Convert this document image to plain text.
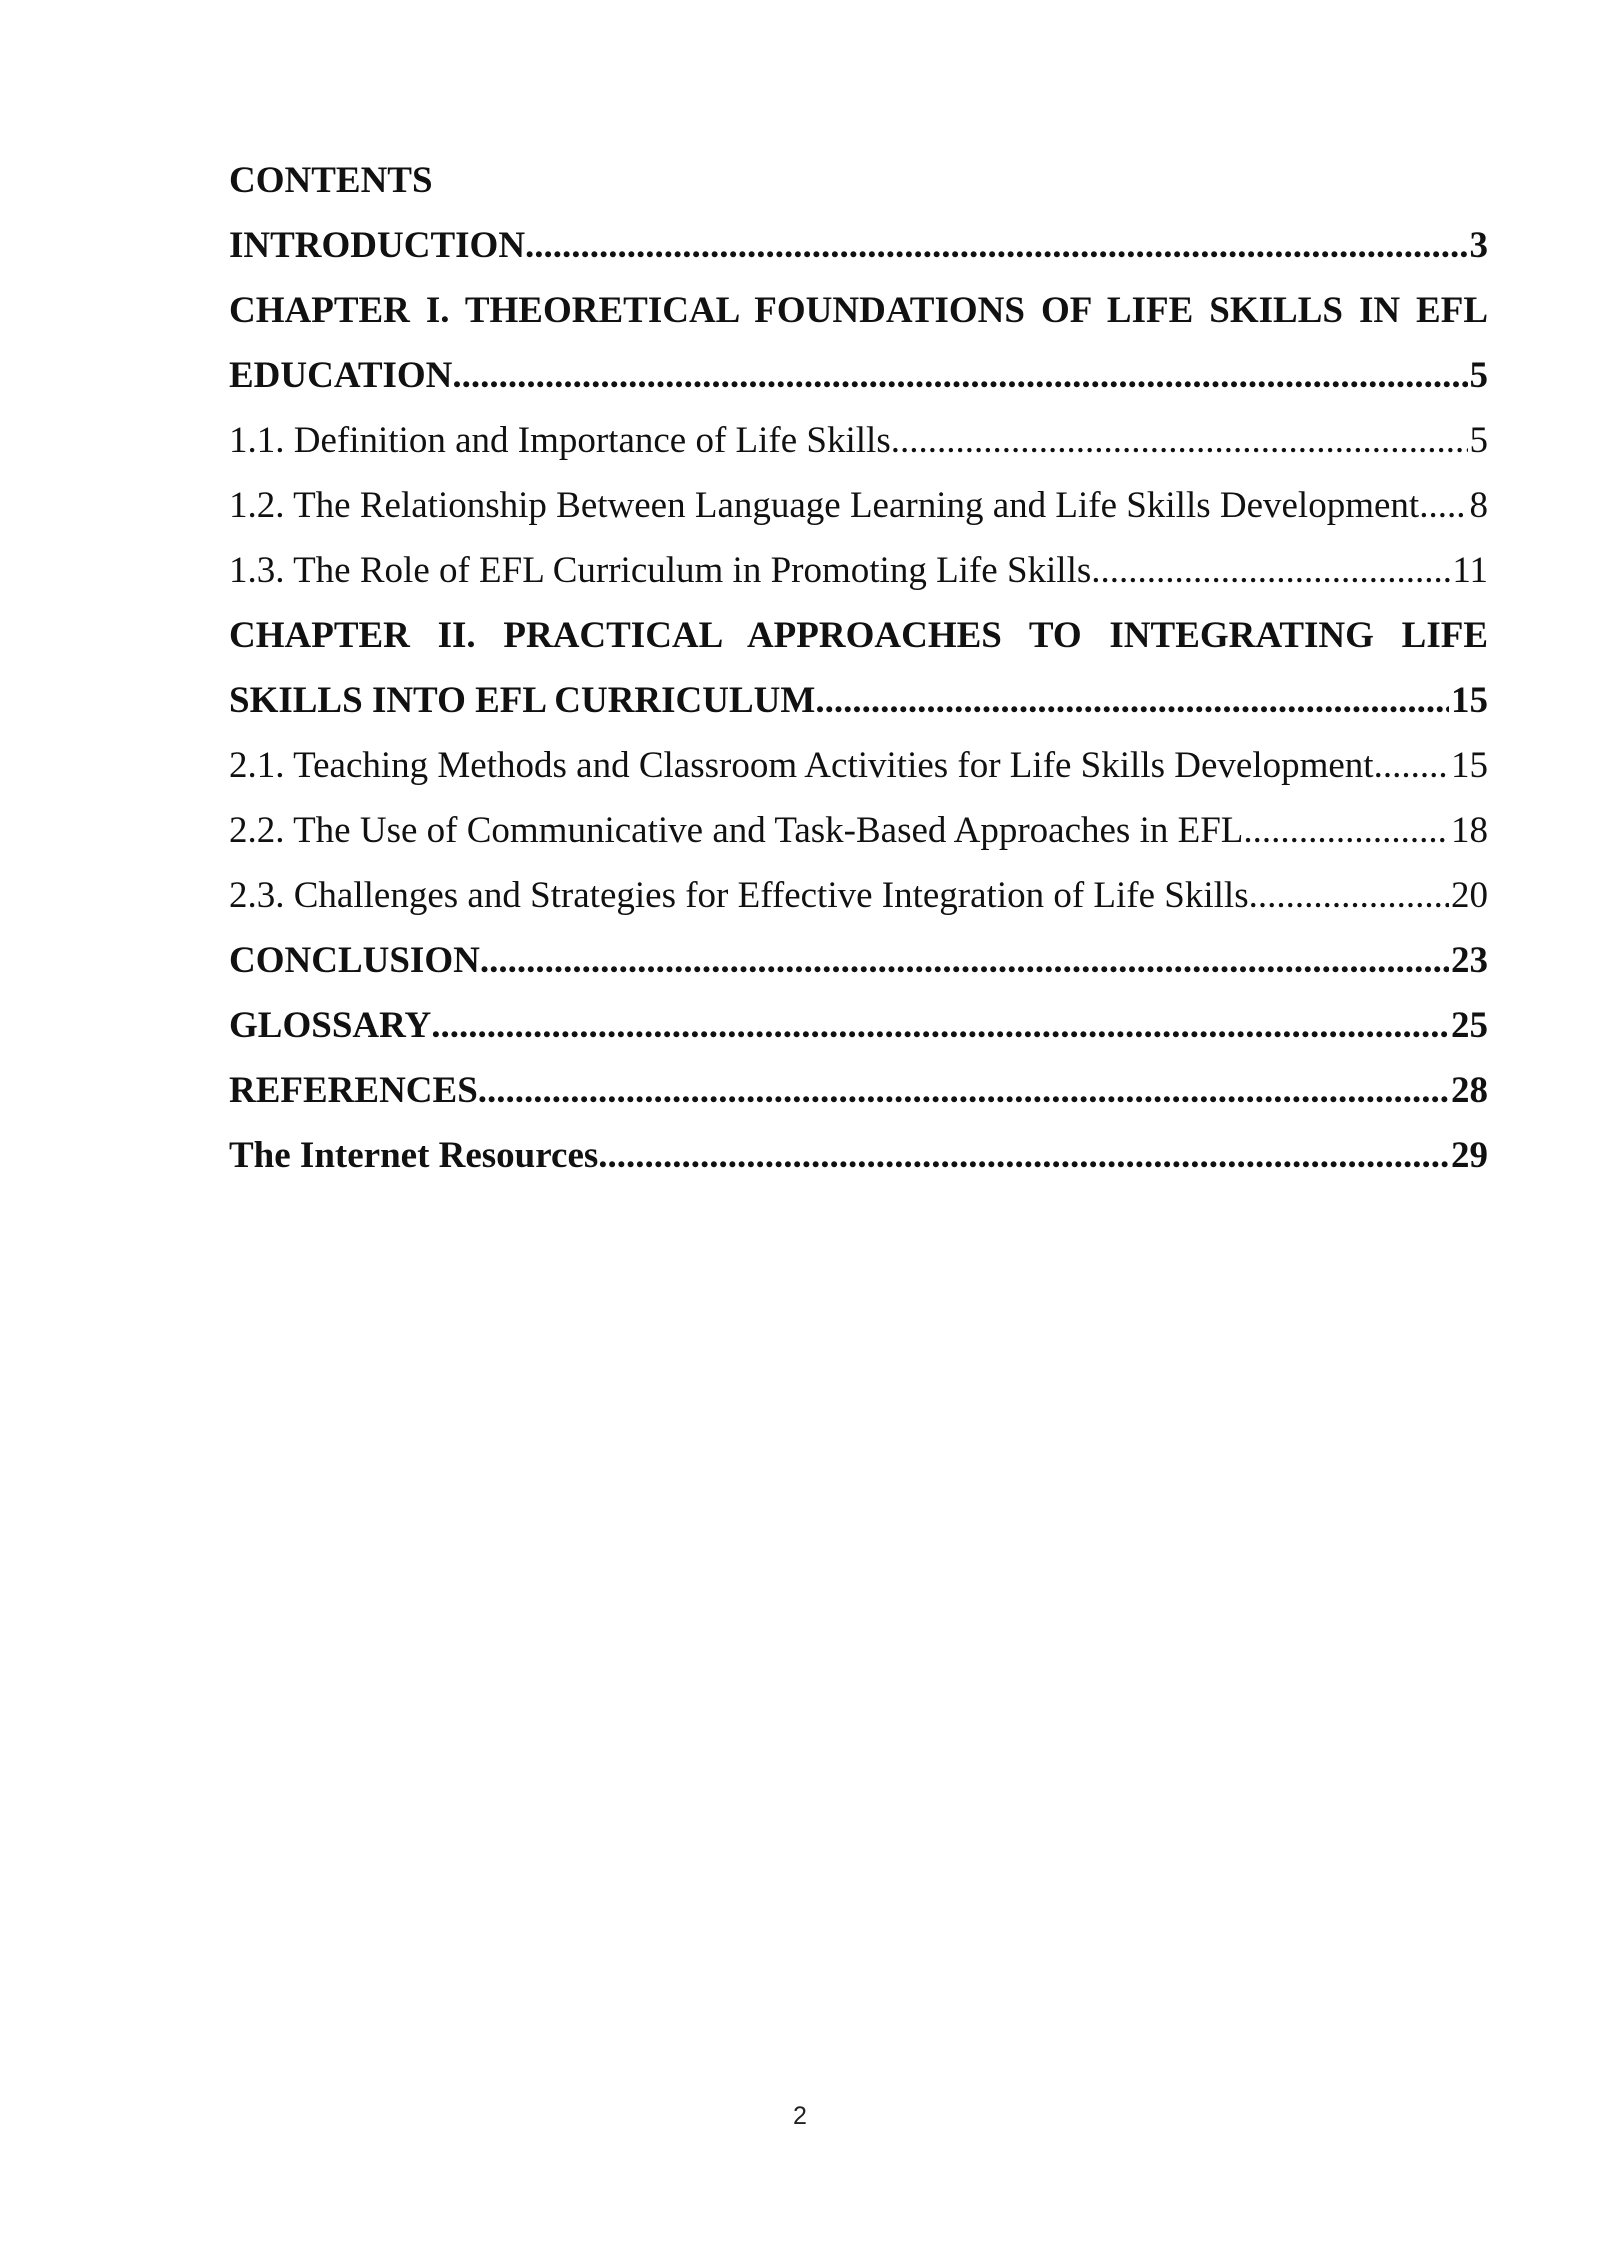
CONTENTS
INTRODUCTION .....	3
CHAPTER I. THEORETICAL FOUNDATIONS OF LIFE SKILLS IN EFL
EDUCATION .....	5
1.1. Definition and Importance of Life Skills .....	5
1.2. The Relationship Between Language Learning and Life Skills Development ..... 8
1.3. The Role of EFL Curriculum in Promoting Life Skills .....	11
CHAPTER II. PRACTICAL APPROACHES TO INTEGRATING LIFE
SKILLS INTO EFL CURRICULUM .....	15
2.1. Teaching Methods and Classroom Activities for Life Skills Development ..... 15
2.2. The Use of Communicative and Task-Based Approaches in EFL .....	18
2.3. Challenges and Strategies for Effective Integration of Life Skills .....	20
CONCLUSION .....	23
GLOSSARY .....	25
REFERENCES .....	28
The Internet Resources .....	29
2
